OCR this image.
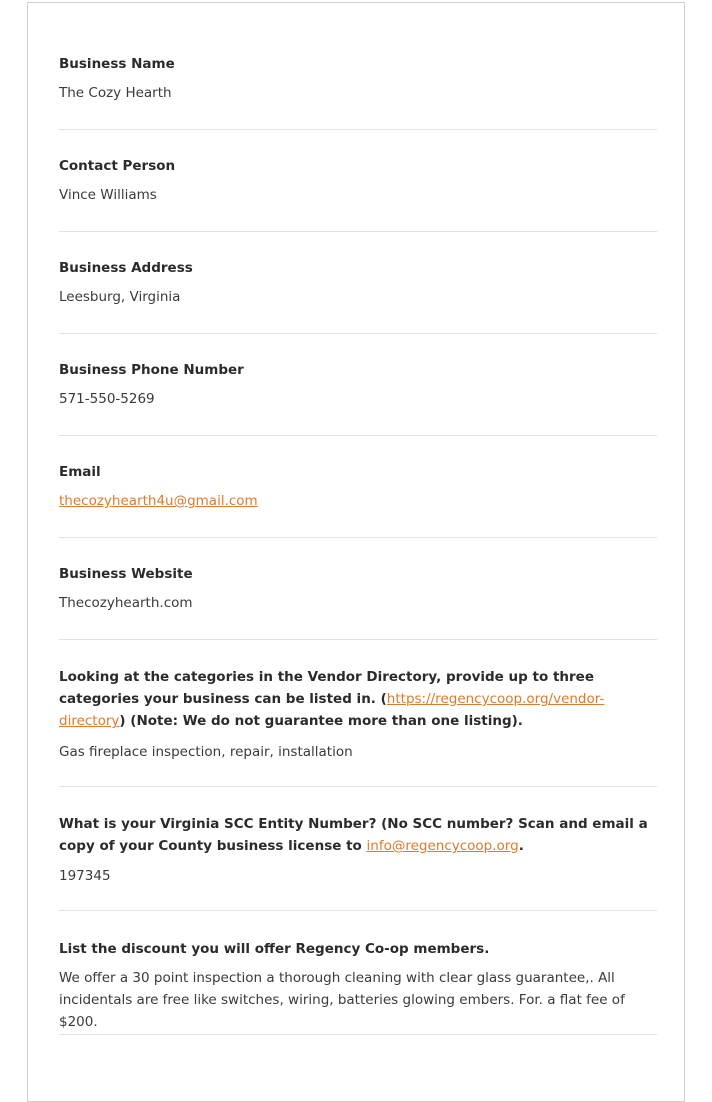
Business Name
The Cozy Hearth
Contact Person
Vince Williams
Business Address
Leesburg, Virginia
Business Phone Number
571-550-5269
Email
thecozyhearth4u@gmail.com
Business Website
Thecozyhearth.com
Looking at the categories in the Vendor Directory, provide up to three categories your business can be listed in. (https://regencycoop.org/vendor-directory) (Note: We do not guarantee more than one listing).
Gas fireplace inspection, repair, installation
What is your Virginia SCC Entity Number? (No SCC number? Scan and email a copy of your County business license to info@regencycoop.org.
197345
List the discount you will offer Regency Co-op members.
We offer a 30 point inspection a thorough cleaning with clear glass guarantee,. All incidentals are free like switches, wiring, batteries glowing embers. For. a flat fee of $200.
